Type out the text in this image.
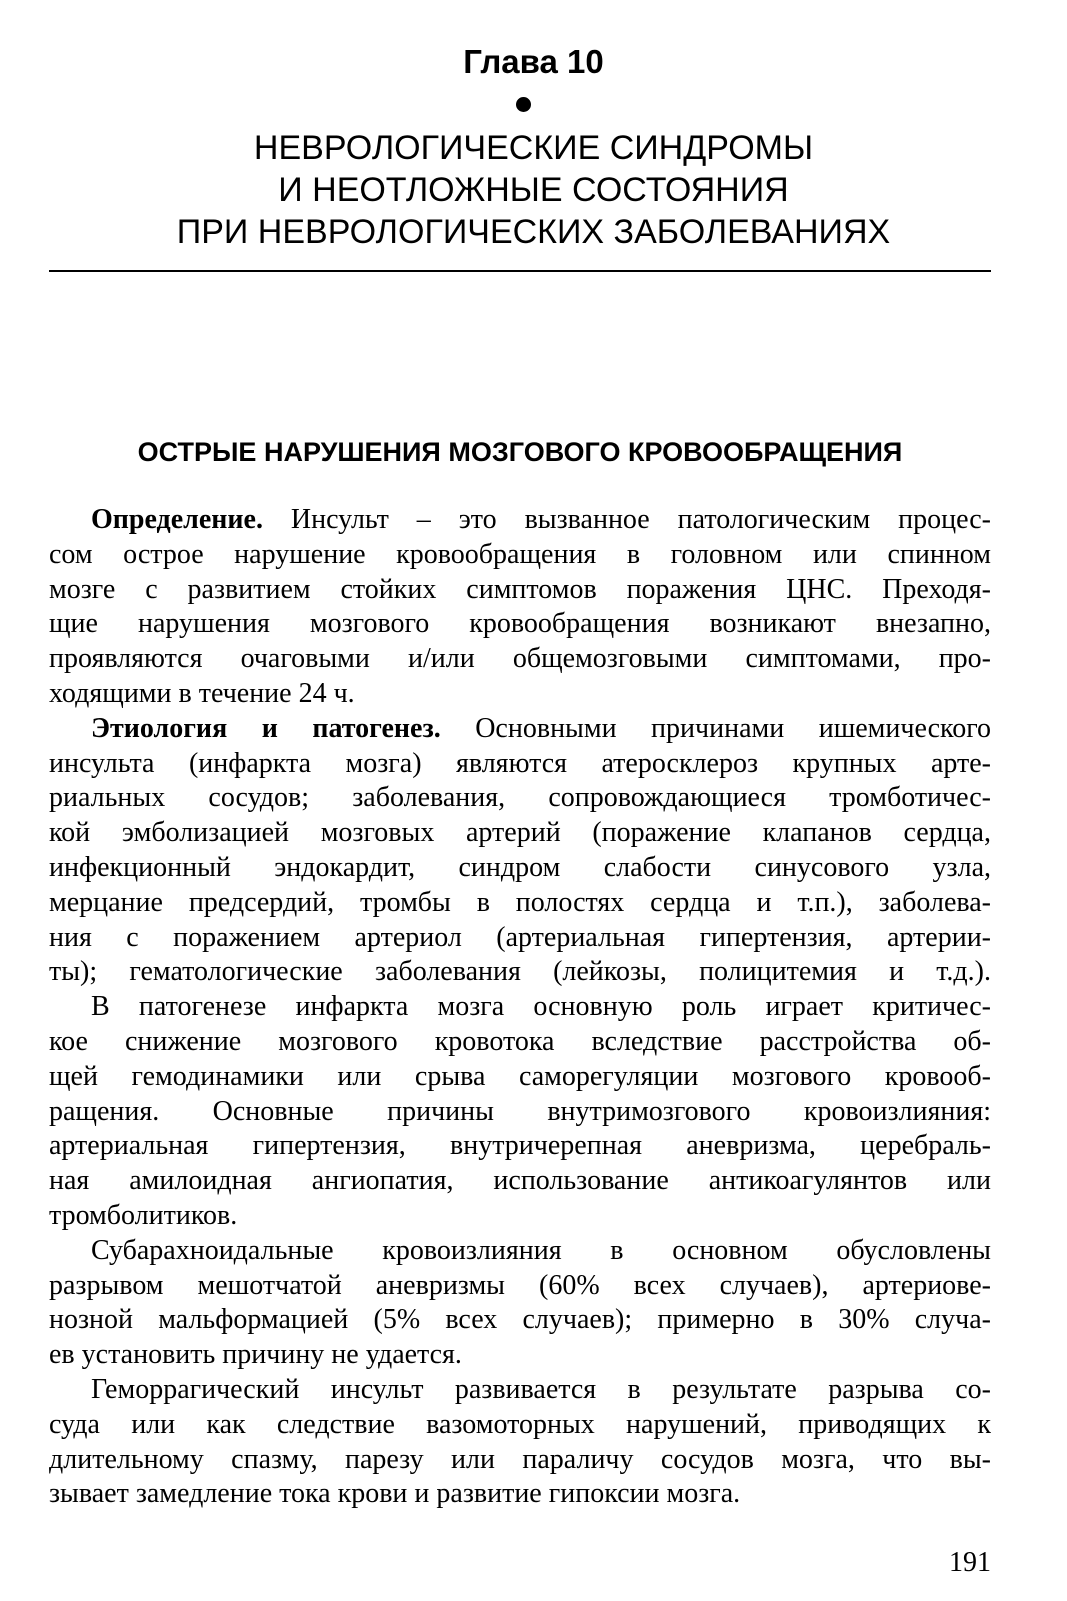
Глава 10
НЕВРОЛОГИЧЕСКИЕ СИНДРОМЫ
И НЕОТЛОЖНЫЕ СОСТОЯНИЯ
ПРИ НЕВРОЛОГИЧЕСКИХ ЗАБОЛЕВАНИЯХ
ОСТРЫЕ НАРУШЕНИЯ МОЗГОВОГО КРОВООБРАЩЕНИЯ
Определение. Инсульт – это вызванное патологическим процес-
сом острое нарушение кровообращения в головном или спинном
мозге с развитием стойких симптомов поражения ЦНС. Преходя-
щие нарушения мозгового кровообращения возникают внезапно,
проявляются очаговыми и/или общемозговыми симптомами, про-
ходящими в течение 24 ч.
Этиология и патогенез. Основными причинами ишемического
инсульта (инфаркта мозга) являются атеросклероз крупных арте-
риальных сосудов; заболевания, сопровождающиеся тромботичес-
кой эмболизацией мозговых артерий (поражение клапанов сердца,
инфекционный эндокардит, синдром слабости синусового узла,
мерцание предсердий, тромбы в полостях сердца и т.п.), заболева-
ния с поражением артериол (артериальная гипертензия, артерии-
ты); гематологические заболевания (лейкозы, полицитемия и т.д.).
В патогенезе инфаркта мозга основную роль играет критичес-
кое снижение мозгового кровотока вследствие расстройства об-
щей гемодинамики или срыва саморегуляции мозгового кровооб-
ращения. Основные причины внутримозгового кровоизлияния:
артериальная гипертензия, внутричерепная аневризма, церебраль-
ная амилоидная ангиопатия, использование антикоагулянтов или
тромболитиков.
Субарахноидальные кровоизлияния в основном обусловлены
разрывом мешотчатой аневризмы (60% всех случаев), артериове-
нозной мальформацией (5% всех случаев); примерно в 30% случа-
ев установить причину не удается.
Геморрагический инсульт развивается в результате разрыва со-
суда или как следствие вазомоторных нарушений, приводящих к
длительному спазму, парезу или параличу сосудов мозга, что вы-
зывает замедление тока крови и развитие гипоксии мозга.
191
